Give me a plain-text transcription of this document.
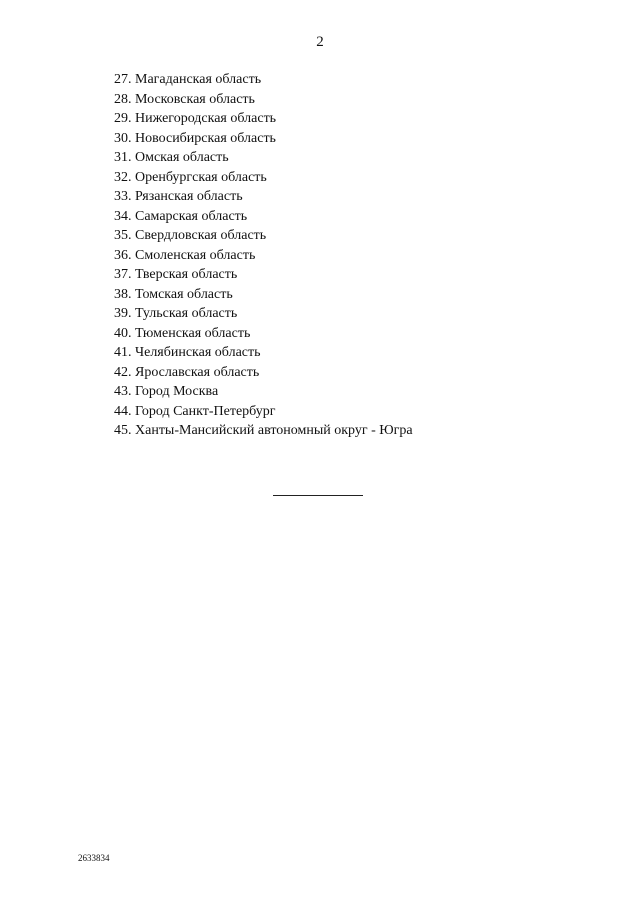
2
27. Магаданская область
28. Московская область
29. Нижегородская область
30. Новосибирская область
31. Омская область
32. Оренбургская область
33. Рязанская область
34. Самарская область
35. Свердловская область
36. Смоленская область
37. Тверская область
38. Томская область
39. Тульская область
40. Тюменская область
41. Челябинская область
42. Ярославская область
43. Город Москва
44. Город Санкт-Петербург
45. Ханты-Мансийский автономный округ - Югра
2633834
